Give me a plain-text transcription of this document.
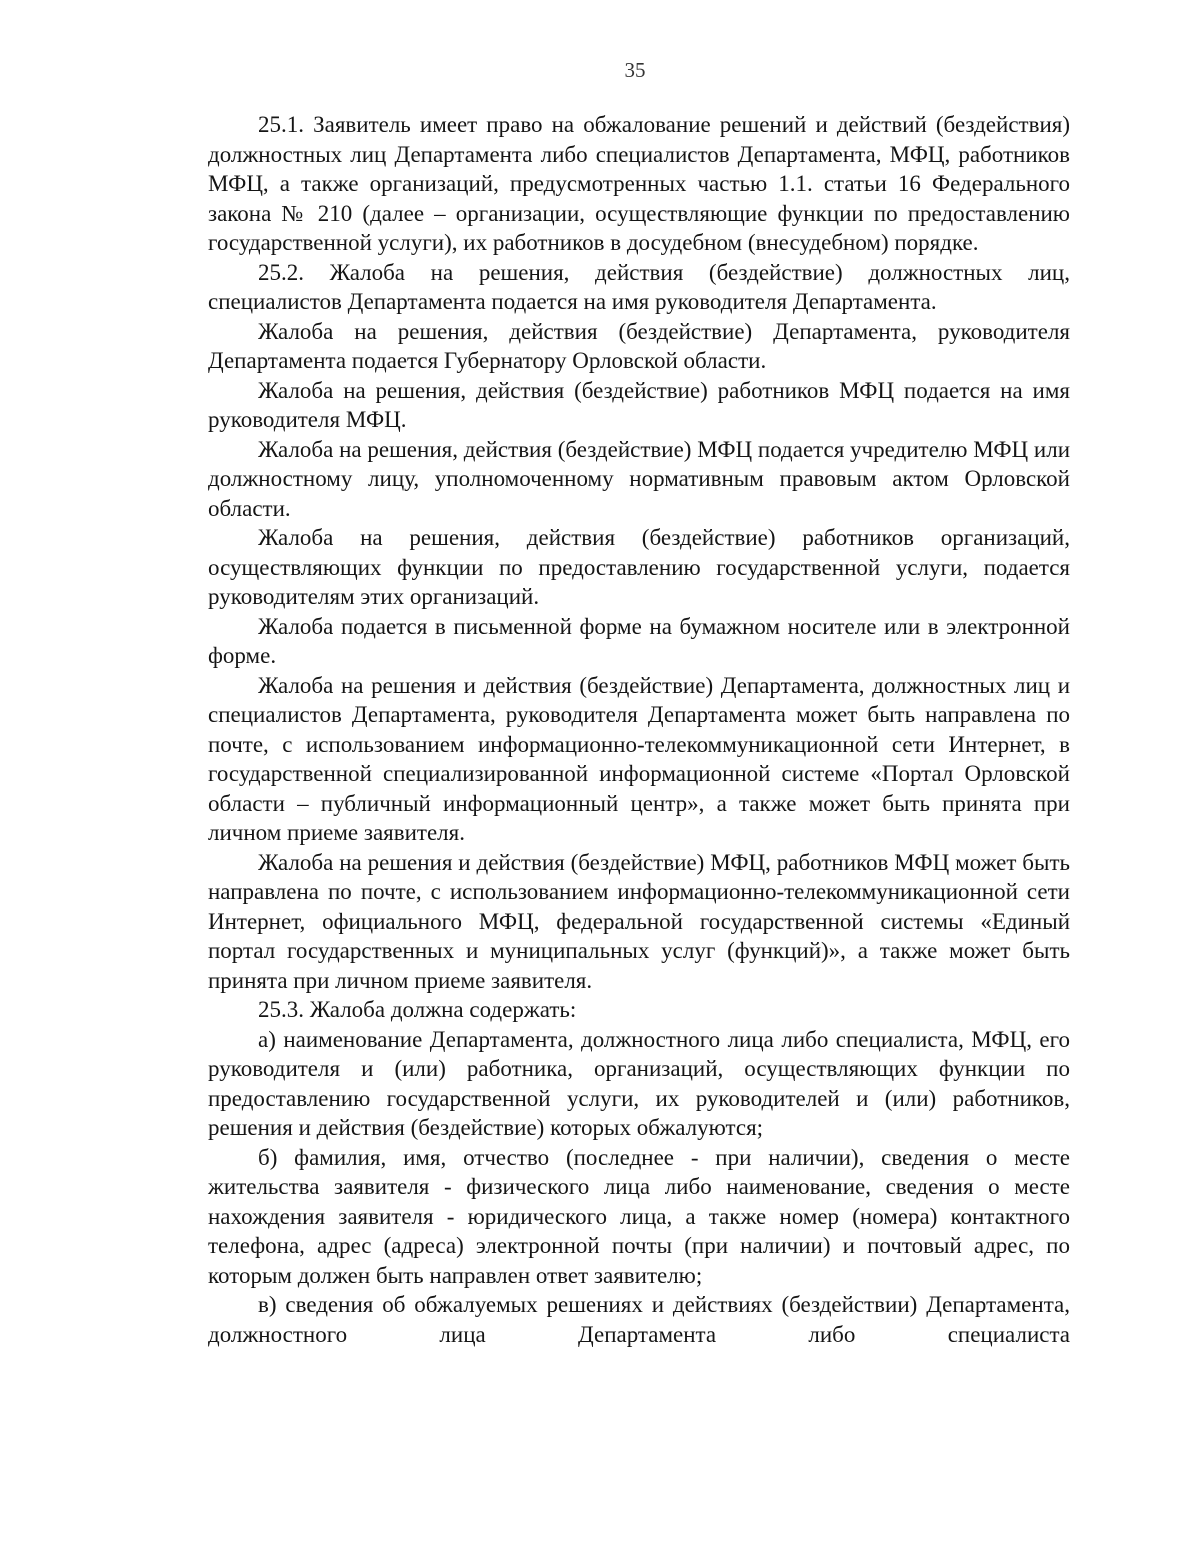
35

25.1. Заявитель имеет право на обжалование решений и действий (бездействия) должностных лиц Департамента либо специалистов Департамента, МФЦ, работников МФЦ, а также организаций, предусмотренных частью 1.1. статьи 16 Федерального закона № 210 (далее – организации, осуществляющие функции по предоставлению государственной услуги), их работников в досудебном (внесудебном) порядке.

25.2. Жалоба на решения, действия (бездействие) должностных лиц, специалистов Департамента подается на имя руководителя Департамента.

Жалоба на решения, действия (бездействие) Департамента, руководителя Департамента подается Губернатору Орловской области.

Жалоба на решения, действия (бездействие) работников МФЦ подается на имя руководителя МФЦ.

Жалоба на решения, действия (бездействие) МФЦ подается учредителю МФЦ или должностному лицу, уполномоченному нормативным правовым актом Орловской области.

Жалоба на решения, действия (бездействие) работников организаций, осуществляющих функции по предоставлению государственной услуги, подается руководителям этих организаций.

Жалоба подается в письменной форме на бумажном носителе или в электронной форме.

Жалоба на решения и действия (бездействие) Департамента, должностных лиц и специалистов Департамента, руководителя Департамента может быть направлена по почте, с использованием информационно-телекоммуникационной сети Интернет, в государственной специализированной информационной системе «Портал Орловской области – публичный информационный центр», а также может быть принята при личном приеме заявителя.

Жалоба на решения и действия (бездействие) МФЦ, работников МФЦ может быть направлена по почте, с использованием информационно-телекоммуникационной сети Интернет, официального МФЦ, федеральной государственной системы «Единый портал государственных и муниципальных услуг (функций)», а также может быть принята при личном приеме заявителя.

25.3. Жалоба должна содержать:

а) наименование Департамента, должностного лица либо специалиста, МФЦ, его руководителя и (или) работника, организаций, осуществляющих функции по предоставлению государственной услуги, их руководителей и (или) работников, решения и действия (бездействие) которых обжалуются;

б) фамилия, имя, отчество (последнее - при наличии), сведения о месте жительства заявителя - физического лица либо наименование, сведения о месте нахождения заявителя - юридического лица, а также номер (номера) контактного телефона, адрес (адреса) электронной почты (при наличии) и почтовый адрес, по которым должен быть направлен ответ заявителю;

в) сведения об обжалуемых решениях и действиях (бездействии) Департамента, должностного лица Департамента либо специалиста
